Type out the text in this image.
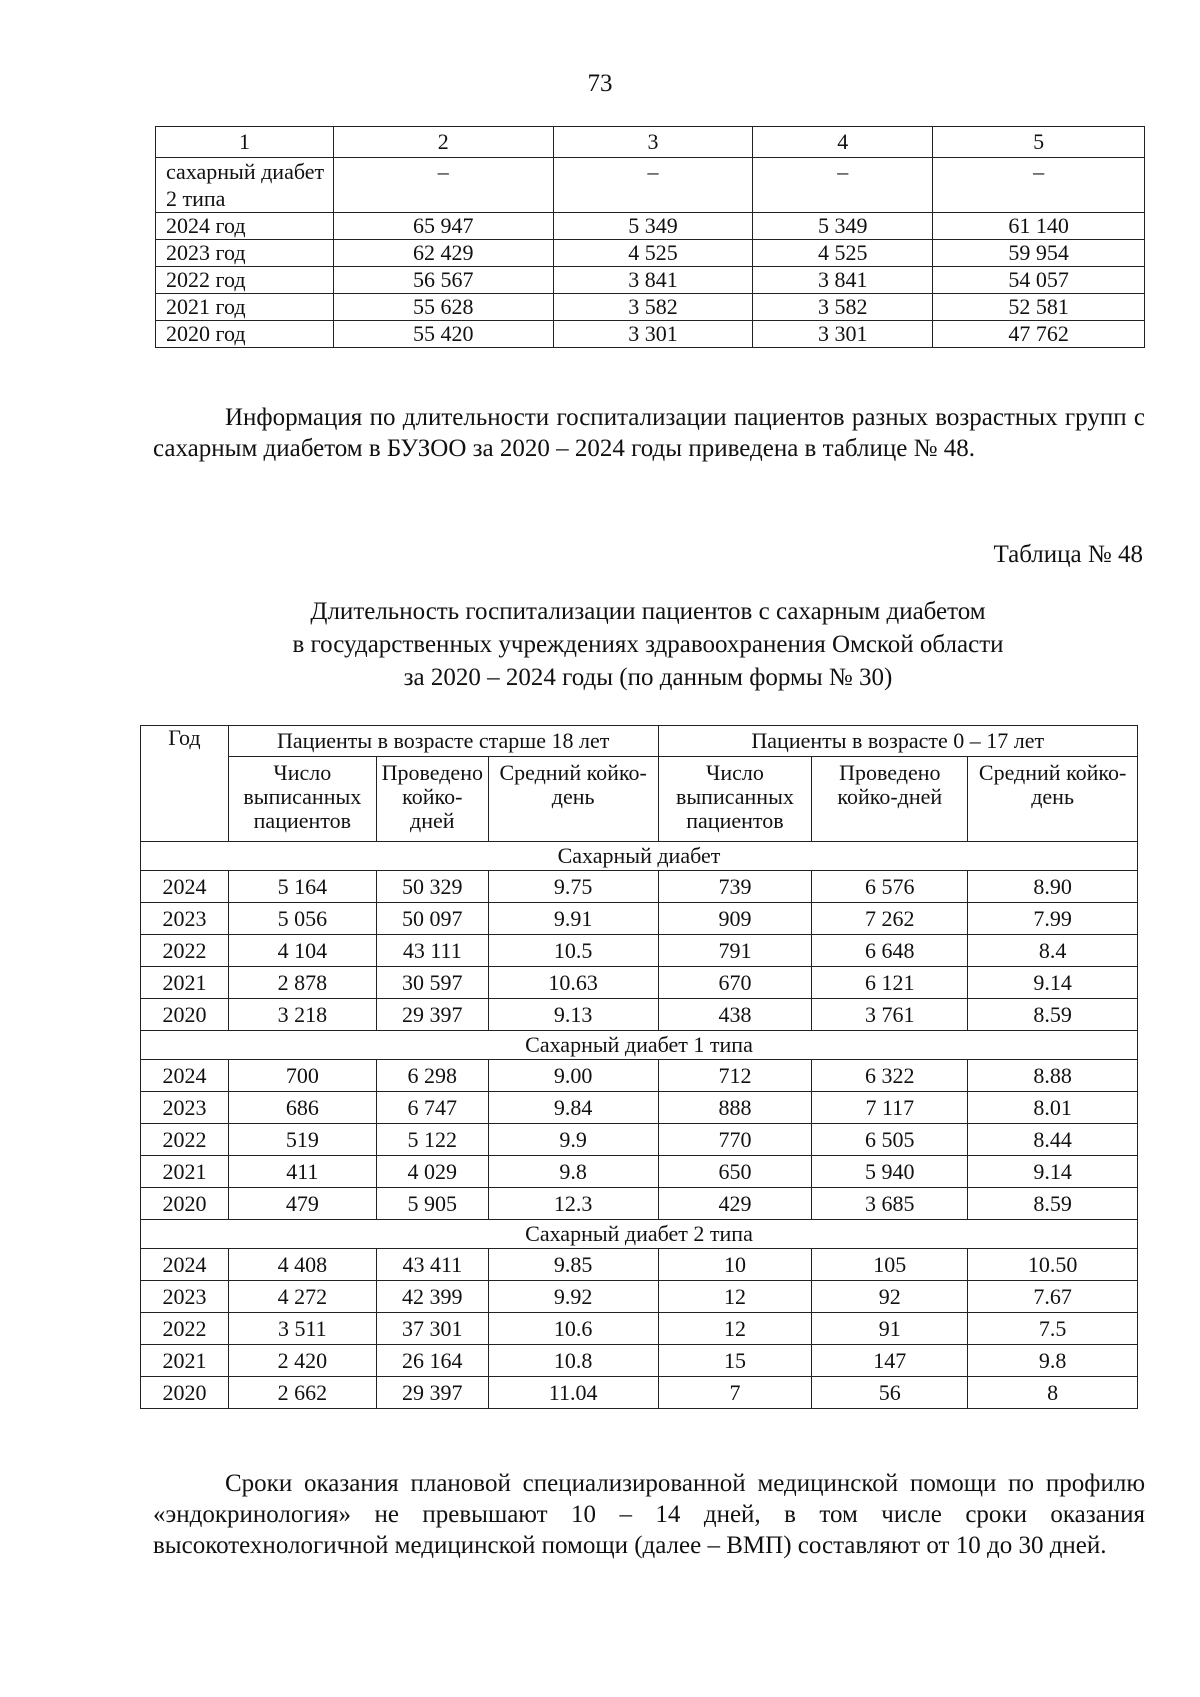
73
1	2	3	4	5
сахарный диабет 2 типа	–	–	–	–
2024 год	65 947	5 349	5 349	61 140
2023 год	62 429	4 525	4 525	59 954
2022 год	56 567	3 841	3 841	54 057
2021 год	55 628	3 582	3 582	52 581
2020 год	55 420	3 301	3 301	47 762
Информация по длительности госпитализации пациентов разных возрастных групп с сахарным диабетом в БУЗОО за 2020 – 2024 годы приведена в таблице № 48.
Таблица № 48
Длительность госпитализации пациентов с сахарным диабетом
в государственных учреждениях здравоохранения Омской области
за 2020 – 2024 годы (по данным формы № 30)
Год	Пациенты в возрасте старше 18 лет			Пациенты в возрасте 0 – 17 лет		
	Число выписанных пациентов	Проведено койко-дней	Средний койко-день	Число выписанных пациентов	Проведено койко-дней	Средний койко-день
Сахарный диабет						
2024	5 164	50 329	9.75	739	6 576	8.90
2023	5 056	50 097	9.91	909	7 262	7.99
2022	4 104	43 111	10.5	791	6 648	8.4
2021	2 878	30 597	10.63	670	6 121	9.14
2020	3 218	29 397	9.13	438	3 761	8.59
Сахарный диабет 1 типа						
2024	700	6 298	9.00	712	6 322	8.88
2023	686	6 747	9.84	888	7 117	8.01
2022	519	5 122	9.9	770	6 505	8.44
2021	411	4 029	9.8	650	5 940	9.14
2020	479	5 905	12.3	429	3 685	8.59
Сахарный диабет 2 типа						
2024	4 408	43 411	9.85	10	105	10.50
2023	4 272	42 399	9.92	12	92	7.67
2022	3 511	37 301	10.6	12	91	7.5
2021	2 420	26 164	10.8	15	147	9.8
2020	2 662	29 397	11.04	7	56	8
Сроки оказания плановой специализированной медицинской помощи по профилю «эндокринология» не превышают 10 – 14 дней, в том числе сроки оказания высокотехнологичной медицинской помощи (далее – ВМП) составляют от 10 до 30 дней.
